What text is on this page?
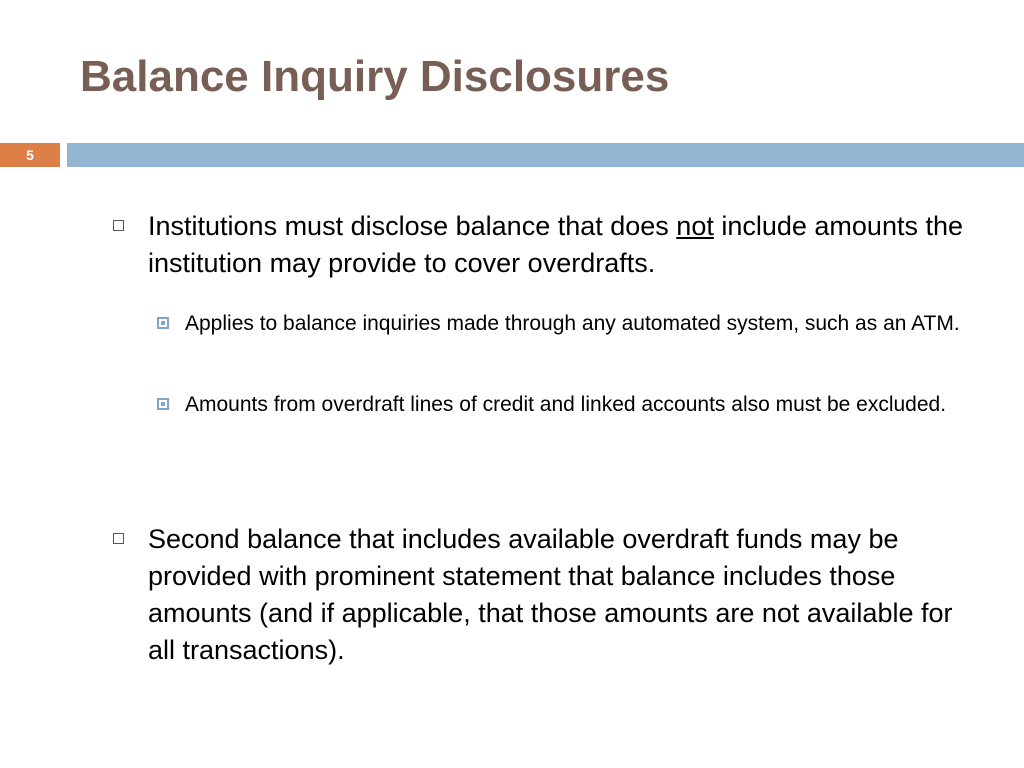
Balance Inquiry Disclosures
5
Institutions must disclose balance that does not include amounts the institution may provide to cover overdrafts.
Applies to balance inquiries made through any automated system, such as an ATM.
Amounts from overdraft lines of credit and linked accounts also must be excluded.
Second balance that includes available overdraft funds may be provided with prominent statement that balance includes those amounts (and if applicable, that those amounts are not available for all transactions).
